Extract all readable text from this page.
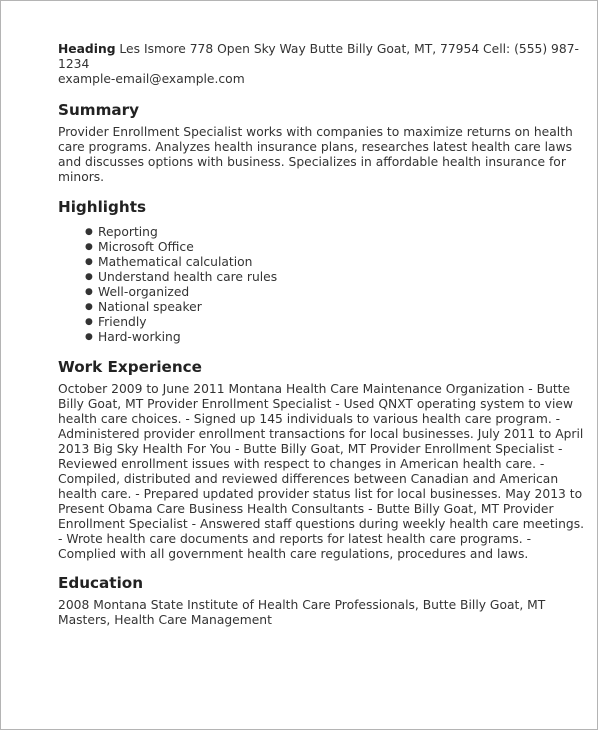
Heading Les Ismore 778 Open Sky Way Butte Billy Goat, MT, 77954 Cell: (555) 987-1234
example-email@example.com
Summary

Provider Enrollment Specialist works with companies to maximize returns on health care programs. Analyzes health insurance plans, researches latest health care laws and discusses options with business. Specializes in affordable health insurance for minors.

Highlights
● Reporting
● Microsoft Office
● Mathematical calculation
● Understand health care rules
● Well-organized
● National speaker
● Friendly
● Hard-working
Work Experience

October 2009 to June 2011 Montana Health Care Maintenance Organization - Butte Billy Goat, MT Provider Enrollment Specialist - Used QNXT operating system to view health care choices. - Signed up 145 individuals to various health care program. - Administered provider enrollment transactions for local businesses. July 2011 to April 2013 Big Sky Health For You - Butte Billy Goat, MT Provider Enrollment Specialist - Reviewed enrollment issues with respect to changes in American health care. - Compiled, distributed and reviewed differences between Canadian and American health care. - Prepared updated provider status list for local businesses. May 2013 to Present Obama Care Business Health Consultants - Butte Billy Goat, MT Provider Enrollment Specialist - Answered staff questions during weekly health care meetings. - Wrote health care documents and reports for latest health care programs. - Complied with all government health care regulations, procedures and laws.

Education

2008 Montana State Institute of Health Care Professionals, Butte Billy Goat, MT Masters, Health Care Management
